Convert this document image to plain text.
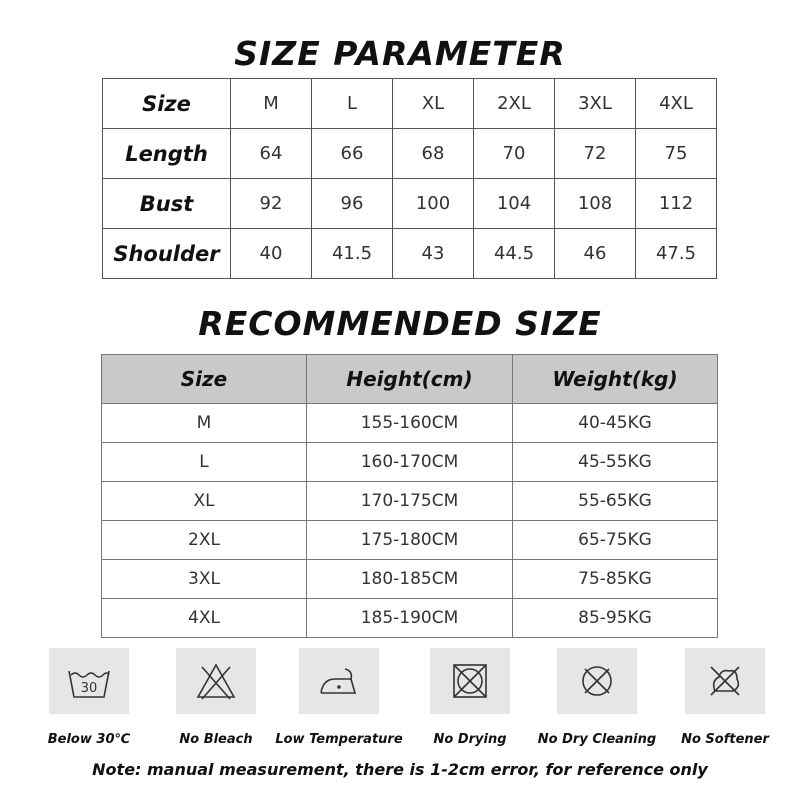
SIZE PARAMETER
Size	M	L	XL	2XL	3XL	4XL
Length	64	66	68	70	72	75
Bust	92	96	100	104	108	112
Shoulder	40	41.5	43	44.5	46	47.5
RECOMMENDED SIZE
Size	Height(cm)	Weight(kg)
M	155-160CM	40-45KG
L	160-170CM	45-55KG
XL	170-175CM	55-65KG
2XL	175-180CM	65-75KG
3XL	180-185CM	75-85KG
4XL	185-190CM	85-95KG
30
Below 30℃	No Bleach	Low Temperature	No Drying	No Dry Cleaning	No Softener
Note: manual measurement, there is 1-2cm error, for reference only
